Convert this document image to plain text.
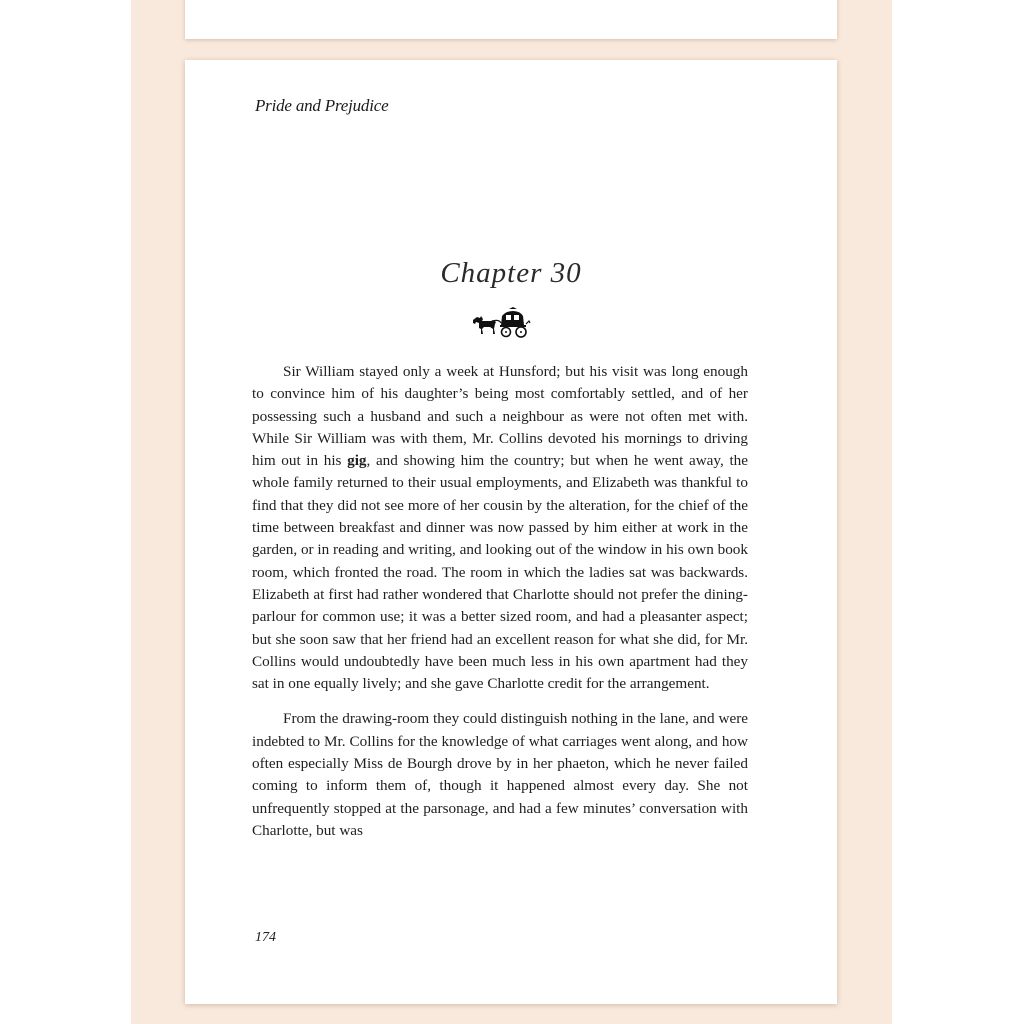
Pride and Prejudice
Chapter 30

Sir William stayed only a week at Hunsford; but his visit was long enough to convince him of his daughter’s being most comfortably settled, and of her possessing such a husband and such a neighbour as were not often met with. While Sir William was with them, Mr. Collins devoted his mornings to driving him out in his gig, and showing him the country; but when he went away, the whole family returned to their usual employments, and Elizabeth was thankful to find that they did not see more of her cousin by the alteration, for the chief of the time between breakfast and dinner was now passed by him either at work in the garden, or in reading and writing, and looking out of the window in his own book room, which fronted the road. The room in which the ladies sat was backwards. Elizabeth at first had rather wondered that Charlotte should not prefer the dining-parlour for common use; it was a better sized room, and had a pleasanter aspect; but she soon saw that her friend had an excellent reason for what she did, for Mr. Collins would undoubtedly have been much less in his own apartment had they sat in one equally lively; and she gave Charlotte credit for the arrangement.

From the drawing-room they could distinguish nothing in the lane, and were indebted to Mr. Collins for the knowledge of what carriages went along, and how often especially Miss de Bourgh drove by in her phaeton, which he never failed coming to inform them of, though it happened almost every day. She not unfrequently stopped at the parsonage, and had a few minutes’ conversation with Charlotte, but was

174
